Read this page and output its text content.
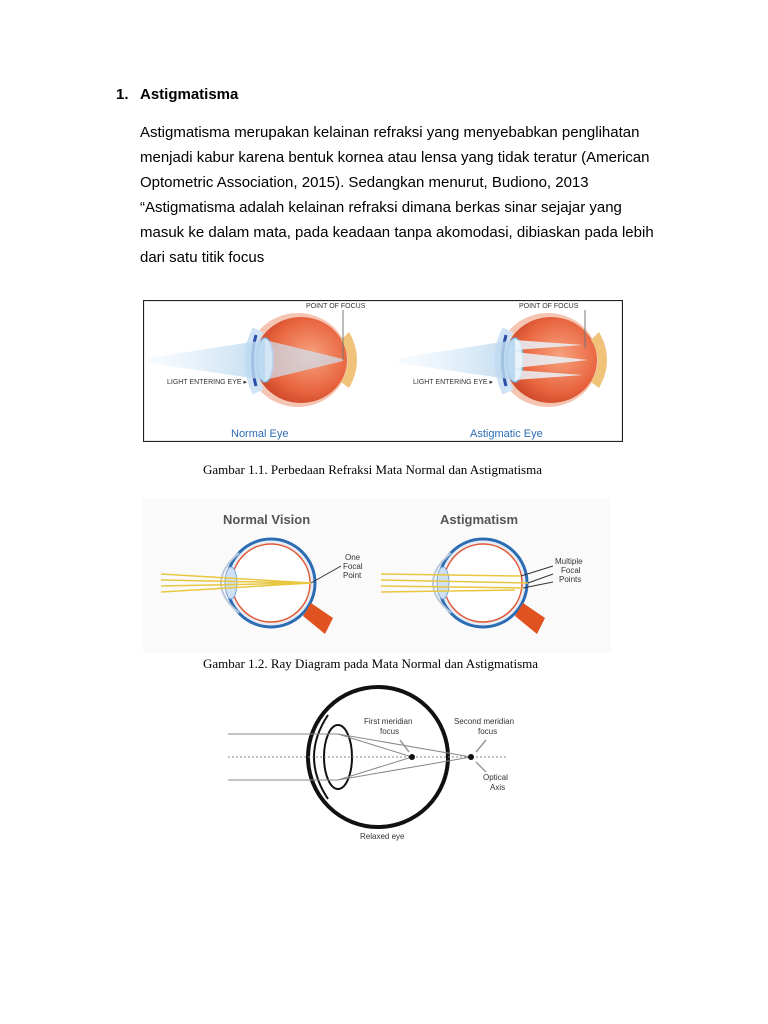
1. Astigmatisma
Astigmatisma merupakan kelainan refraksi yang menyebabkan penglihatan
menjadi kabur karena bentuk kornea atau lensa yang tidak teratur (American
Optometric Association, 2015). Sedangkan menurut, Budiono, 2013
“Astigmatisma adalah kelainan refraksi dimana berkas sinar sejajar yang
masuk ke dalam mata, pada keadaan tanpa akomodasi, dibiaskan pada lebih
dari satu titik focus
POINT OF FOCUS
LIGHT ENTERING EYE ▸
Normal Eye
POINT OF FOCUS
LIGHT ENTERING EYE ▸
Astigmatic Eye
Gambar 1.1. Perbedaan Refraksi Mata Normal dan Astigmatisma
Normal Vision	Astigmatism
One
Focal
Point
Multiple
Focal
Points
Gambar 1.2. Ray Diagram pada Mata Normal dan Astigmatisma
First meridian
focus
Second meridian
focus
Optical
Axis
Relaxed eye
